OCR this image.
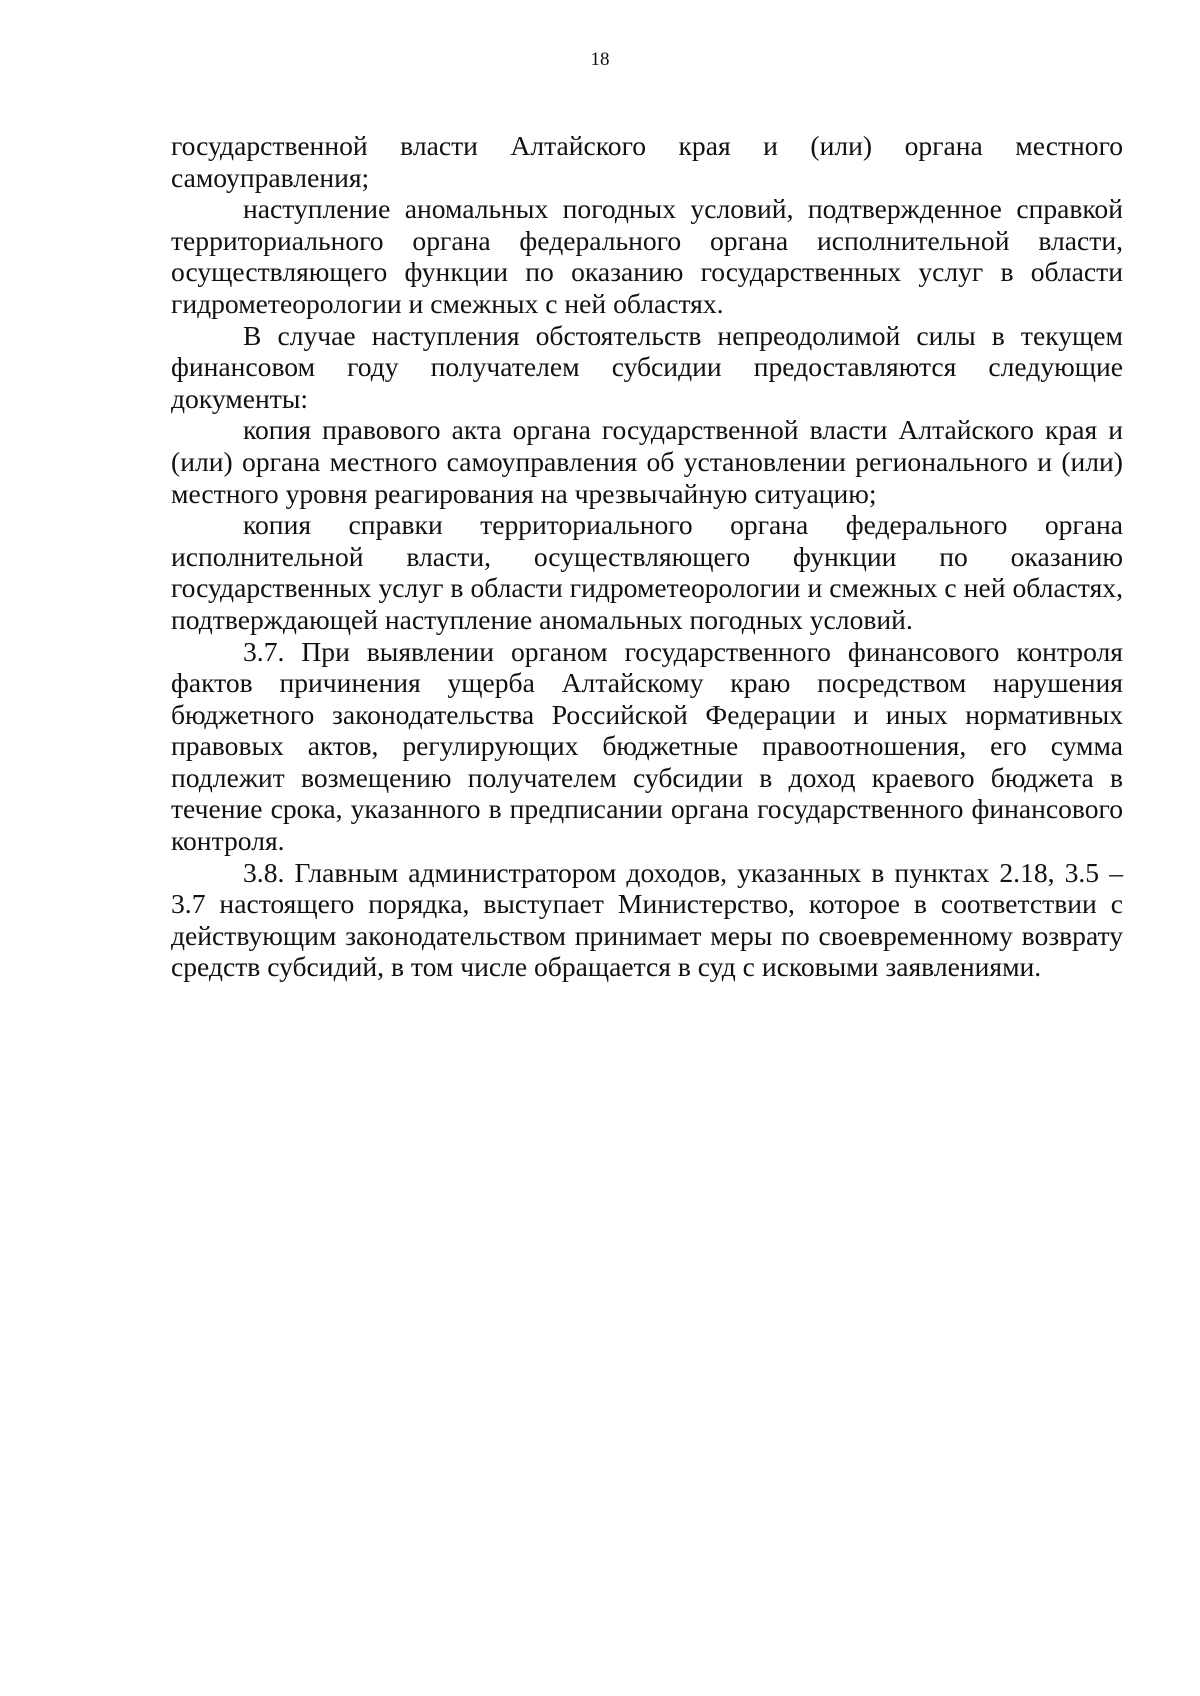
18

государственной власти Алтайского края и (или) органа местного самоуправления;

наступление аномальных погодных условий, подтвержденное справкой территориального органа федерального органа исполнительной власти, осуществляющего функции по оказанию государственных услуг в области гидрометеорологии и смежных с ней областях.

В случае наступления обстоятельств непреодолимой силы в текущем финансовом году получателем субсидии предоставляются следующие документы:

копия правового акта органа государственной власти Алтайского края и (или) органа местного самоуправления об установлении регионального и (или) местного уровня реагирования на чрезвычайную ситуацию;

копия справки территориального органа федерального органа исполнительной власти, осуществляющего функции по оказанию государственных услуг в области гидрометеорологии и смежных с ней областях, подтверждающей наступление аномальных погодных условий.

3.7. При выявлении органом государственного финансового контроля фактов причинения ущерба Алтайскому краю посредством нарушения бюджетного законодательства Российской Федерации и иных нормативных правовых актов, регулирующих бюджетные правоотношения, его сумма подлежит возмещению получателем субсидии в доход краевого бюджета в течение срока, указанного в предписании органа государственного финансового контроля.

3.8. Главным администратором доходов, указанных в пунктах 2.18, 3.5 – 3.7 настоящего порядка, выступает Министерство, которое в соответствии с действующим законодательством принимает меры по своевременному возврату средств субсидий, в том числе обращается в суд с исковыми заявлениями.
